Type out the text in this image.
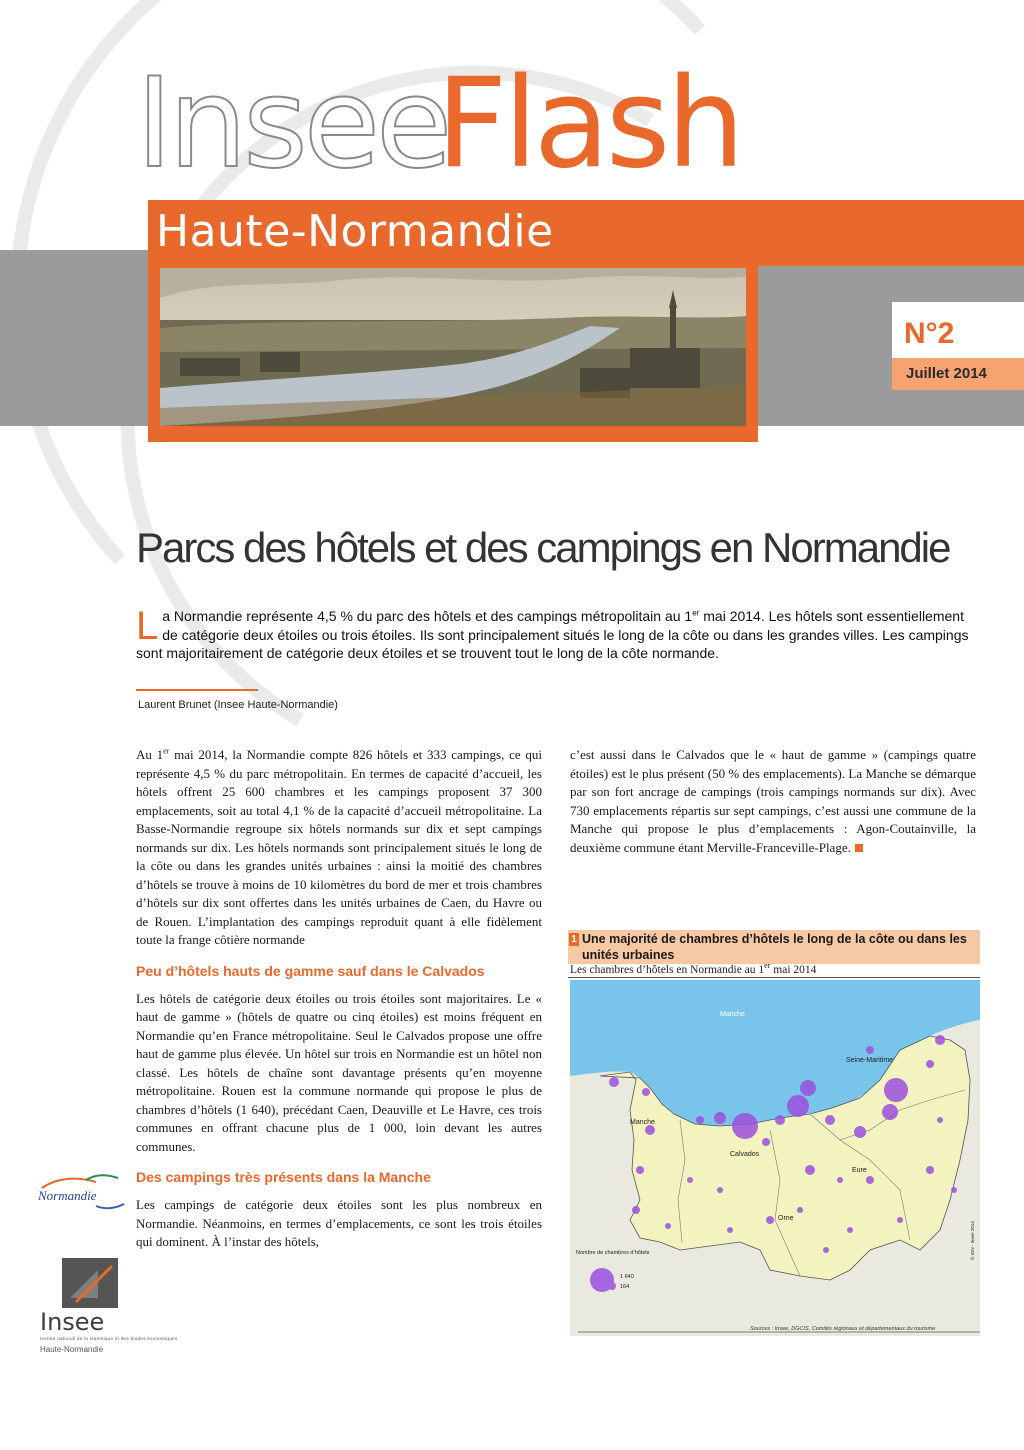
Insee
Flash
Haute-Normandie
N°2
Juillet 2014
Parcs des hôtels et des campings en Normandie

La Normandie représente 4,5 % du parc des hôtels et des campings métropolitain au 1er mai 2014. Les hôtels sont essentiellement de catégorie deux étoiles ou trois étoiles. Ils sont principalement situés le long de la côte ou dans les grandes villes. Les campings sont majoritairement de catégorie deux étoiles et se trouvent tout le long de la côte normande.

Laurent Brunet (Insee Haute-Normandie)

Au 1er mai 2014, la Normandie compte 826 hôtels et 333 campings, ce qui représente 4,5 % du parc métropolitain. En termes de capacité d’accueil, les hôtels offrent 25 600 chambres et les campings proposent 37 300 emplacements, soit au total 4,1 % de la capacité d’accueil métropolitaine. La Basse-Normandie regroupe six hôtels normands sur dix et sept campings normands sur dix. Les hôtels normands sont principalement situés le long de la côte ou dans les grandes unités urbaines : ainsi la moitié des chambres d’hôtels se trouve à moins de 10 kilomètres du bord de mer et trois chambres d’hôtels sur dix sont offertes dans les unités urbaines de Caen, du Havre ou de Rouen. L’implantation des campings reproduit quant à elle fidèlement toute la frange côtière normande

Peu d’hôtels hauts de gamme sauf dans le Calvados

Les hôtels de catégorie deux étoiles ou trois étoiles sont majoritaires. Le « haut de gamme » (hôtels de quatre ou cinq étoiles) est moins fréquent en Normandie qu’en France métropolitaine. Seul le Calvados propose une offre haut de gamme plus élevée. Un hôtel sur trois en Normandie est un hôtel non classé. Les hôtels de chaîne sont davantage présents qu’en moyenne métropolitaine. Rouen est la commune normande qui propose le plus de chambres d’hôtels (1 640), précédant Caen, Deauville et Le Havre, ces trois communes en offrant chacune plus de 1 000, loin devant les autres communes.

Des campings très présents dans la Manche

Les campings de catégorie deux étoiles sont les plus nombreux en Normandie. Néanmoins, en termes d’emplacements, ce sont les trois étoiles qui dominent. À l’instar des hôtels,

c’est aussi dans le Calvados que le « haut de gamme » (campings quatre étoiles) est le plus présent (50 % des emplacements). La Manche se démarque par son fort ancrage de campings (trois campings normands sur dix). Avec 730 emplacements répartis sur sept campings, c’est aussi une commune de la Manche qui propose le plus d’emplacements : Agon-Coutainville, la deuxième commune étant Merville-Franceville-Plage.

1 Une majorité de chambres d’hôtels le long de la côte ou dans les unités urbaines
Les chambres d’hôtels en Normandie au 1er mai 2014
Manche
Seine-Maritime
Manche
Calvados
Eure
Orne
Nombre de chambres d’hôtels
1 640
164
© IGN - Insee 2014
Sources : Insee, DGCIS, Comités régionaux et départementaux du tourisme
Normandie
Insee
Institut national de la statistique et des études économiques
Haute-Normandie
